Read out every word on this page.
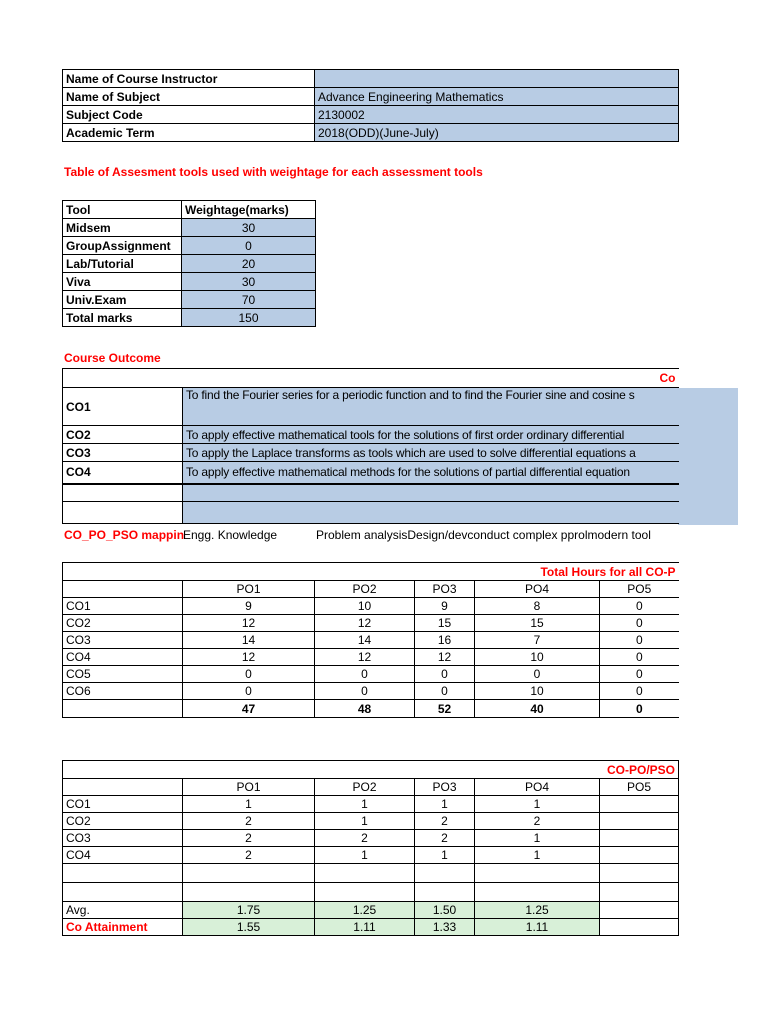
Name of Course Instructor	
Name of Subject	Advance Engineering Mathematics
Subject Code	2130002
Academic Term	2018(ODD)(June-July)
Table of Assesment tools used with weightage for each assessment tools
Tool	Weightage(marks)
Midsem	30
GroupAssignment	0
Lab/Tutorial	20
Viva	30
Univ.Exam	70
Total marks	150
Course Outcome
	Co
CO1	To find the Fourier series for a periodic function and to find the Fourier sine and cosine s
CO2	To apply effective mathematical tools for the solutions of first order ordinary differential
CO3	To apply the Laplace transforms as tools which are used to solve differential equations a
CO4	To apply effective mathematical methods for the solutions of partial differential equation

CO_PO_PSO mappin
Engg. Knowledge	Problem analysisDesign/devconduct complex pprolmodern tool
Total Hours for all CO-P					
	PO1	PO2	PO3	PO4	PO5
CO1	9	10	9	8	0
CO2	12	12	15	15	0
CO3	14	14	16	7	0
CO4	12	12	12	10	0
CO5	0	0	0	0	0
CO6	0	0	0	10	0
	47	48	52	40	0
CO-PO/PSO					
	PO1	PO2	PO3	PO4	PO5
CO1	1	1	1	1	
CO2	2	1	2	2	
CO3	2	2	2	1	
CO4	2	1	1	1	

Avg.	1.75	1.25	1.50	1.25	
Co Attainment	1.55	1.11	1.33	1.11	
